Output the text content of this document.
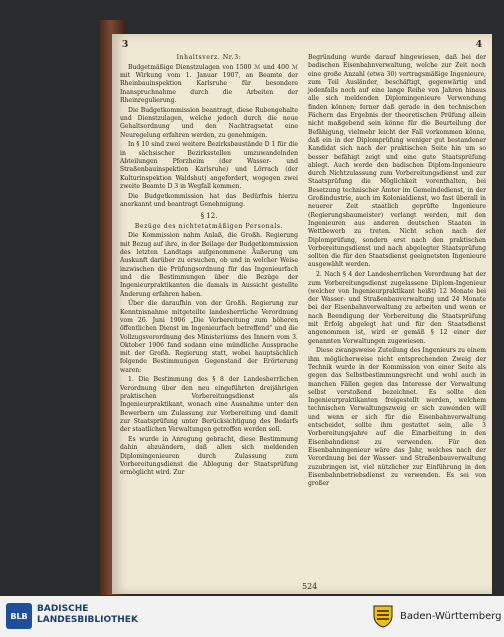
3	4

Inhaltsverz. Nr.3:

Budgetmäßige Dienstzulagen von 1500 ℳ und 400 ℳ mit Wirkung vom 1. Januar 1907, an Beamte der Rheinbauinspektion Karlsruhe für besondere Inanspruchnahme durch die Arbeiten der Rheinregulierung.

Die Budgetkommission beantragt, diese Rubengehalte und Dienstzulagen, welche jedoch durch die neue Gehaltsordnung und den Nachtragsetat eine Neuregelung erfahren werden, zu genehmigen.

In § 10 sind zwei weitere Bezirksbaustände D 1 für die in sächsischer Bezirksstellen umzuwandelnden Abteilungen Pforzheim (der Wasser- und Straßenbauinspektion Karlsruhe) und Lörrach (der Kulturinspektion Waldshut) angefordert, wogegen zwei zweite Beamte D 3 in Wegfall kommen.

Die Budgetkommission hat das Bedürfnis hierzu anerkannt und beantragt Genehmigung.

§ 12.

Bezüge des nichtetatmäßigen Personals.

Die Kommission nahm Anlaß, die Großh. Regierung mit Bezug auf ihre, in der Beilage der Budgetkommission des letzten Landtags aufgenommene Äußerung um Auskunft darüber zu ersuchen, ob und in welcher Weise inzwischen die Prüfungsordnung für das Ingenieurfach und die Bestimmungen über die Bezüge der Ingenieurpraktikanten die damals in Aussicht gestellte Änderung erfahren haben.

Über die daraufhin von der Großh. Regierung zur Kenntnisnahme mitgeteilte landesherrliche Verordnung vom 26. Juni 1906 „Die Vorbereitung zum höheren öffentlichen Dienst im Ingenieurfach betreffend“ und die Vollzugsverordnung des Ministeriums des Innern vom 3. Oktober 1906 fand sodann eine mündliche Aussprache mit der Großh. Regierung statt, wobei hauptsächlich folgende Bestimmungen Gegenstand der Erörterung waren:

1. Die Bestimmung des § 8 der Landesherrlichen Verordnung über den neu eingeführten dreijährigen praktischen Vorbereitungsdienst als Ingenieurpraktikant, wonach eine Ausnahme unter den Bewerbern um Zulassung zur Vorbereitung und damit zur Staatsprüfung unter Berücksichtigung des Bedarfs der staatlichen Verwaltungen getroffen werden soll.

Es wurde in Anregung gebracht, diese Bestimmung dahin abzuändern, daß allen sich meldenden Diplomingenieuren durch Zulassung zum Vorbereitungsdienst die Ablegung der Staatsprüfung ermöglicht wird. Zur

Begründung wurde darauf hingewiesen, daß bei der badischen Eisenbahnverwaltung, welche zur Zeit noch eine große Anzahl (etwa 30) vertragsmäßige Ingenieure, zum Teil Ausländer, beschäftigt, gegenwärtig und jedenfalls noch auf eine lange Reihe von Jahren hinaus alle sich meldenden Diplomingenieure Verwendung finden können; ferner daß gerade in den technischen Fächern das Ergebnis der theoretischen Prüfung allein nicht maßgebend sein könne für die Beurteilung der Befähigung, vielmehr leicht der Fall vorkommen könne, daß ein in der Diplomprüfung weniger gut bestandener Kandidat sich nach der praktischen Seite hin um so besser befähigt zeigt und eine gute Staatsprüfung ablegt. Auch werde den badischen Diplom-Ingenieure durch Nichtzulassung zum Vorbereitungsdienst und zur Staatsprüfung die Möglichkeit vorenthalten, bei Besetzung technischer Ämter im Gemeindedienst, in der Großindustrie, auch im Kolonialdienst, wo fast überall in neuerer Zeit staatlich geprüfte Ingenieure (Regierungsbaumeister) verlangt werden, mit den Ingenieuren aus anderen deutschen Staaten in Wettbewerb zu treten. Nicht schon nach der Diplomprüfung, sondern erst nach den praktischen Vorbereitungsdienst und nach abgelegter Staatsprüfung sollten die für den Staatsdienst geeignetsten Ingenieure ausgewählt werden.

2. Nach § 4 der Landesherrlichen Verordnung hat der zum Vorbereitungsdienst zugelassene Diplom-Ingenieur (welcher von Ingenieurpraktikant heißt) 12 Monate bei der Wasser- und Straßenbauverwaltung und 24 Monate bei der Eisenbahnverwaltung zu arbeiten und wenn er nach Beendigung der Vorbereitung die Staatsprüfung mit Erfolg abgelegt hat und für den Staatsdienst angenommen ist, wird er gemäß § 12 einer der genannten Verwaltungen zugewiesen.

Diese zwangsweise Zuteilung des Ingenieurs zu einem ihm möglicherweise nicht entsprechenden Zweig der Technik wurde in der Kommission von einer Seite als gegen das Selbstbestimmungsrecht und wohl auch in manchen Fällen gegen das Interesse der Verwaltung selbst verstoßend bezeichnet. Es sollte den Ingenieurpraktikanten freigestellt werden, welchem technischen Verwaltungszweig er sich zuwenden will und wenn er sich für die Eisenbahnverwaltung entscheidet, sollte ihm gestattet sein, alle 3 Vorbereitungsjahre auf die Einarbeitung in den Eisenbahndienst zu verwenden. Für den Eisenbahningenieur wäre das Jahr, welches nach der Verordnung bei der Wasser- und Straßenbauverwaltung zuzubringen ist, viel nützlicher zur Einführung in den Eisenbahnbetriebsdienst zu verwenden. Es sei von großer

524
BLB
BADISCHE
LANDESBIBLIOTHEK	Baden-Württemberg
